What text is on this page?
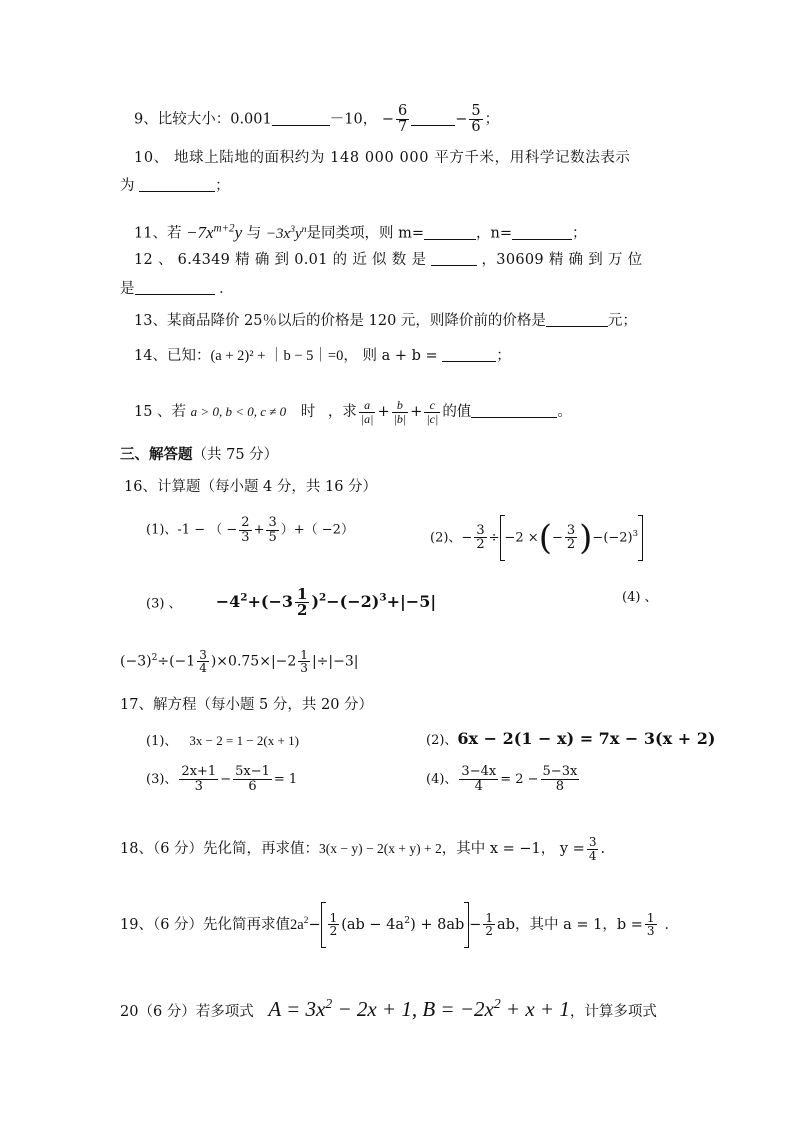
9、比较大小：0.001	－10， − $\frac{6}{7}$	− $\frac{5}{6}$ ；
10、 地球上陆地的面积约为 148 000 000 平方千米，用科学记数法表示
为	；
11、若 $-7x^{m+2}y$ 与 $-3x^3y^n$是同类项，则 m=	，n=	；
12 、 6.4349 精 确 到 0.01 的 近 似 数 是	，30609 精 确 到 万 位
是	．
13、某商品降价 25％以后的价格是 120 元，则降价前的价格是	元；
14、已知：(a + 2)² + ｜b − 5｜=0， 则 a + b =	；
15 、若 a > 0, b < 0, c ≠ 0 时 ，求 $\frac{a}{|a|} + \frac{b}{|b|} + \frac{c}{|c|}$ 的值	。
三、解答题（共 75 分）
16、计算题（每小题 4 分，共 16 分）
(1)、-1 − （ − $\frac{2}{3} + \frac{3}{5}$ ）+（ −2）
(2)、− $\frac{3}{2} \div -2$ ×(− $\frac{3}{2} )-(-2)^3$
(3) 、 $-4^2+(-3 \frac{1}{2} )^2-(-2)^3+|-5|$	(4) 、
$(-3)^2\div(-1 \frac{3}{4} )\times 0.75\times|-2 \frac{1}{3} |\div|-3|$
17、解方程（每小题 5 分，共 20 分）
(1)、 3x − 2 = 1 − 2(x + 1)	(2)、6x − 2(1 − x) = 7x − 3(x + 2)
(3)、 $\frac{2x+1}{3} - \frac{5x-1}{6} = 1$	(4)、 $\frac{3-4x}{4} = 2 - \frac{5-3x}{8}$
18、（6 分）先化简，再求值：3(x − y) − 2(x + y) + 2，其中 x = −1， $y = \frac{3}{4}$ .
19、（6 分）先化简再求值$2a^2- \frac{1}{2} (ab - 4a^2) + 8ab - \frac{1}{2}$ ab，其中 a = 1，$b = \frac{1}{3}$ ．
20（6 分）若多项式 $A = 3x^2 - 2x + 1$, $B = -2x^2 + x + 1$，计算多项式
